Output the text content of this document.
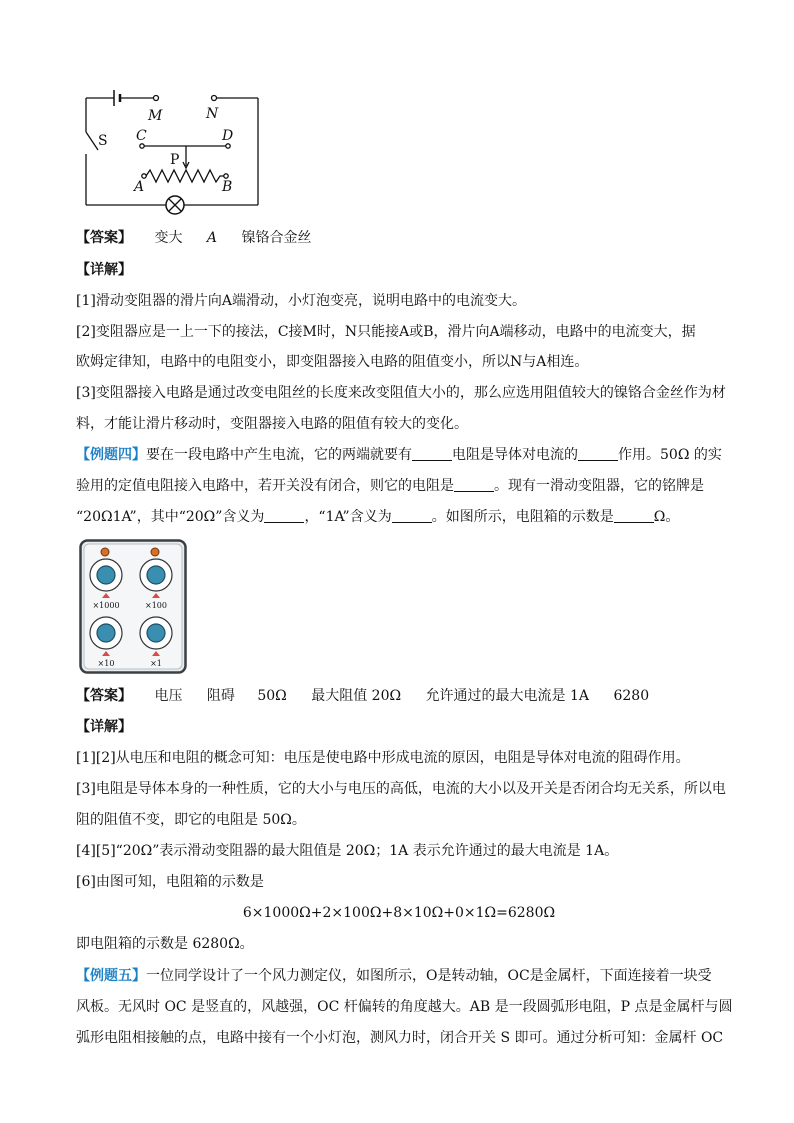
M	N
C	D
A	B
S
P
【答案】 变大 A 镍铬合金丝
【详解】
[1]滑动变阻器的滑片向A端滑动，小灯泡变亮，说明电路中的电流变大。
[2]变阻器应是一上一下的接法，C接M时，N只能接A或B，滑片向A端移动，电路中的电流变大，据
欧姆定律知，电路中的电阻变小，即变阻器接入电路的阻值变小，所以N与A相连。
[3]变阻器接入电路是通过改变电阻丝的长度来改变阻值大小的，那么应选用阻值较大的镍铬合金丝作为材
料，才能让滑片移动时，变阻器接入电路的阻值有较大的变化。
【例题四】要在一段电路中产生电流，它的两端就要有	电阻是导体对电流的	作用。50Ω 的实
验用的定值电阻接入电路中，若开关没有闭合，则它的电阻是	。现有一滑动变阻器，它的铭牌是
“20Ω1A”，其中“20Ω”含义为	，“1A”含义为	。如图所示，电阻箱的示数是	Ω。
×1000	×100
×10	×1
【答案】 电压 阻碍 50Ω 最大阻值 20Ω 允许通过的最大电流是 1A 6280
【详解】
[1][2]从电压和电阻的概念可知：电压是使电路中形成电流的原因，电阻是导体对电流的阻碍作用。
[3]电阻是导体本身的一种性质，它的大小与电压的高低，电流的大小以及开关是否闭合均无关系，所以电
阻的阻值不变，即它的电阻是 50Ω。
[4][5]“20Ω”表示滑动变阻器的最大阻值是 20Ω；1A 表示允许通过的最大电流是 1A。
[6]由图可知，电阻箱的示数是
6×1000Ω+2×100Ω+8×10Ω+0×1Ω=6280Ω
即电阻箱的示数是 6280Ω。
【例题五】一位同学设计了一个风力测定仪，如图所示，O是转动轴，OC是金属杆，下面连接着一块受
风板。无风时 OC 是竖直的，风越强，OC 杆偏转的角度越大。AB 是一段圆弧形电阻，P 点是金属杆与圆
弧形电阻相接触的点，电路中接有一个小灯泡，测风力时，闭合开关 S 即可。通过分析可知：金属杆 OC
